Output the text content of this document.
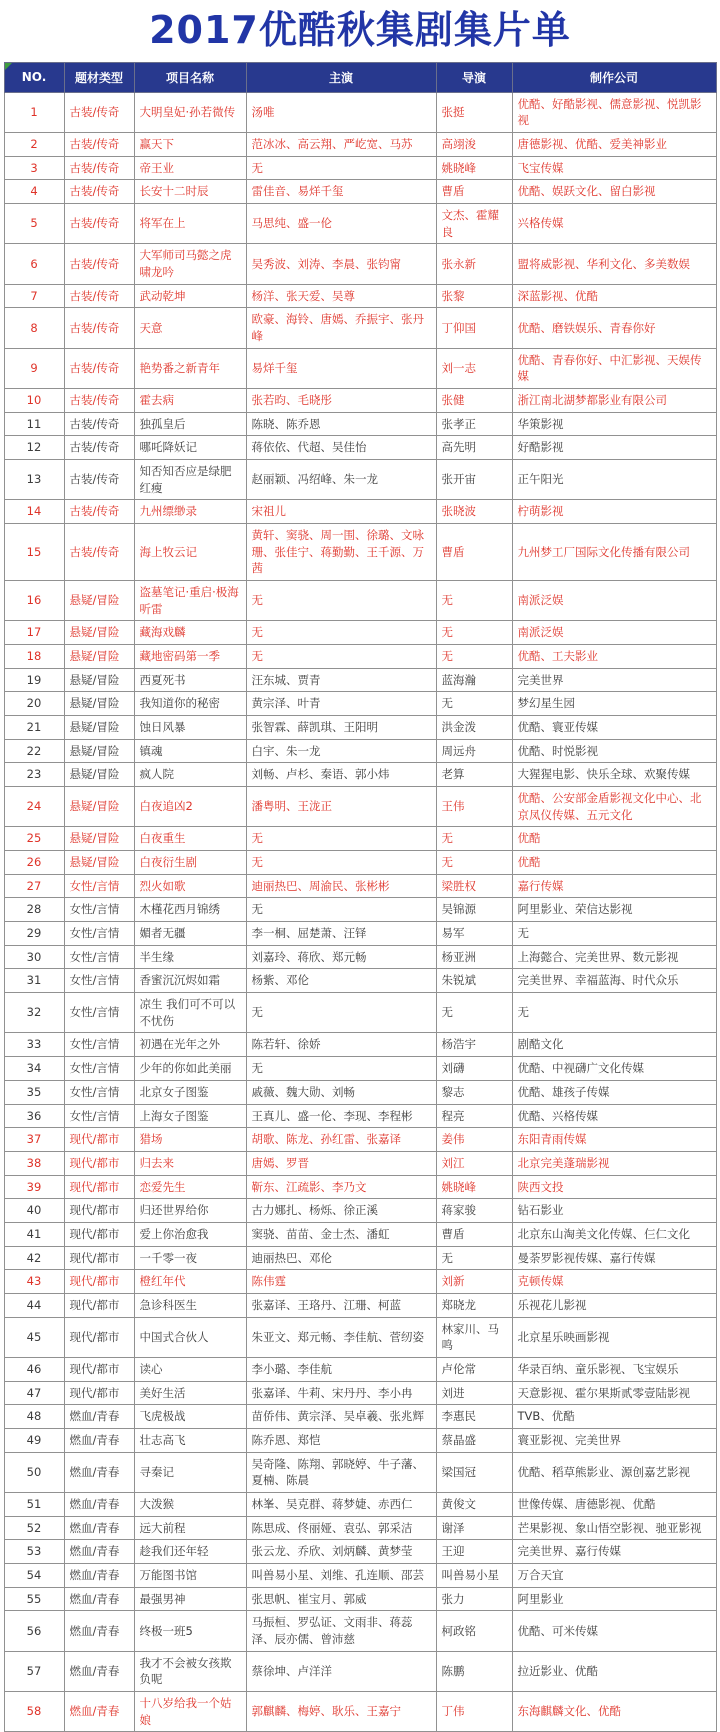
2017优酷秋集剧集片单
NO.	题材类型	项目名称	主演	导演	制作公司
1	古装/传奇	大明皇妃·孙若微传	汤唯	张挺	优酷、好酷影视、儒意影视、悦凯影视
2	古装/传奇	赢天下	范冰冰、高云翔、严屹宽、马苏	高翊浚	唐德影视、优酷、爱美神影业
3	古装/传奇	帝王业	无	姚晓峰	飞宝传媒
4	古装/传奇	长安十二时辰	雷佳音、易烊千玺	曹盾	优酷、娱跃文化、留白影视
5	古装/传奇	将军在上	马思纯、盛一伦	文杰、霍耀良	兴格传媒
6	古装/传奇	大军师司马懿之虎啸龙吟	吴秀波、刘涛、李晨、张钧甯	张永新	盟将威影视、华利文化、多美数娱
7	古装/传奇	武动乾坤	杨洋、张天爱、吴尊	张黎	深蓝影视、优酷
8	古装/传奇	天意	欧豪、海铃、唐嫣、乔振宇、张丹峰	丁仰国	优酷、磨铁娱乐、青春你好
9	古装/传奇	艳势番之新青年	易烊千玺	刘一志	优酷、青春你好、中汇影视、天娱传媒
10	古装/传奇	霍去病	张若昀、毛晓彤	张健	浙江南北湖梦都影业有限公司
11	古装/传奇	独孤皇后	陈晓、陈乔恩	张孝正	华策影视
12	古装/传奇	哪吒降妖记	蒋依依、代超、吴佳怡	高先明	好酷影视
13	古装/传奇	知否知否应是绿肥红瘦	赵丽颖、冯绍峰、朱一龙	张开宙	正午阳光
14	古装/传奇	九州缥缈录	宋祖儿	张晓波	柠萌影视
15	古装/传奇	海上牧云记	黄轩、窦骁、周一围、徐璐、文咏珊、张佳宁、蒋勤勤、王千源、万茜	曹盾	九州梦工厂国际文化传播有限公司
16	悬疑/冒险	盗墓笔记·重启·极海听雷	无	无	南派泛娱
17	悬疑/冒险	藏海戏麟	无	无	南派泛娱
18	悬疑/冒险	藏地密码第一季	无	无	优酷、工夫影业
19	悬疑/冒险	西夏死书	汪东城、贾青	蓝海瀚	完美世界
20	悬疑/冒险	我知道你的秘密	黄宗泽、叶青	无	梦幻星生园
21	悬疑/冒险	蚀日风暴	张智霖、薛凯琪、王阳明	洪金泼	优酷、寰亚传媒
22	悬疑/冒险	镇魂	白宇、朱一龙	周远舟	优酷、时悦影视
23	悬疑/冒险	疯人院	刘畅、卢杉、秦语、郭小炜	老算	大猩猩电影、快乐全球、欢聚传媒
24	悬疑/冒险	白夜追凶2	潘粤明、王泷正	王伟	优酷、公安部金盾影视文化中心、北京凤仪传媒、五元文化
25	悬疑/冒险	白夜重生	无	无	优酷
26	悬疑/冒险	白夜衍生剧	无	无	优酷
27	女性/言情	烈火如歌	迪丽热巴、周渝民、张彬彬	梁胜权	嘉行传媒
28	女性/言情	木槿花西月锦绣	无	吴锦源	阿里影业、荣信达影视
29	女性/言情	媚者无疆	李一桐、屈楚萧、汪铎	易军	无
30	女性/言情	半生缘	刘嘉玲、蒋欣、郑元畅	杨亚洲	上海懿合、完美世界、数元影视
31	女性/言情	香蜜沉沉烬如霜	杨紫、邓伦	朱锐斌	完美世界、幸福蓝海、时代众乐
32	女性/言情	凉生 我们可不可以不忧伤	无	无	无
33	女性/言情	初遇在光年之外	陈若轩、徐娇	杨浩宇	剧酷文化
34	女性/言情	少年的你如此美丽	无	刘礴	优酷、中视礴广文化传媒
35	女性/言情	北京女子图鉴	戚薇、魏大勋、刘畅	黎志	优酷、雄孩子传媒
36	女性/言情	上海女子图鉴	王真儿、盛一伦、李现、李程彬	程亮	优酷、兴格传媒
37	现代/都市	猎场	胡歌、陈龙、孙红雷、张嘉译	姜伟	东阳青雨传媒
38	现代/都市	归去来	唐嫣、罗晋	刘江	北京完美蓬瑞影视
39	现代/都市	恋爱先生	靳东、江疏影、李乃文	姚晓峰	陕西文投
40	现代/都市	归还世界给你	古力娜扎、杨烁、徐正溪	蒋家骏	钻石影业
41	现代/都市	爱上你治愈我	窦骁、苗苗、金士杰、潘虹	曹盾	北京东山淘美文化传媒、仨仁文化
42	现代/都市	一千零一夜	迪丽热巴、邓伦	无	曼荼罗影视传媒、嘉行传媒
43	现代/都市	橙红年代	陈伟霆	刘新	克顿传媒
44	现代/都市	急诊科医生	张嘉译、王珞丹、江珊、柯蓝	郑晓龙	乐视花儿影视
45	现代/都市	中国式合伙人	朱亚文、郑元畅、李佳航、菅纫姿	林家川、马鸣	北京星乐映画影视
46	现代/都市	读心	李小璐、李佳航	卢伦常	华录百纳、童乐影视、飞宝娱乐
47	现代/都市	美好生活	张嘉译、牛莉、宋丹丹、李小冉	刘进	天意影视、霍尔果斯贰零壹陆影视
48	燃血/青春	飞虎极战	苗侨伟、黄宗泽、吴卓羲、张兆辉	李惠民	TVB、优酷
49	燃血/青春	壮志高飞	陈乔恩、郑恺	蔡晶盛	寰亚影视、完美世界
50	燃血/青春	寻秦记	吴奇隆、陈翔、郭晓婷、牛子藩、夏楠、陈晨	梁国冠	优酷、稻草熊影业、源创嘉艺影视
51	燃血/青春	大泼猴	林峯、吴克群、蒋梦婕、赤西仁	黄俊文	世像传媒、唐德影视、优酷
52	燃血/青春	远大前程	陈思成、佟丽娅、袁弘、郭采洁	谢泽	芒果影视、象山悟空影视、驰亚影视
53	燃血/青春	趁我们还年轻	张云龙、乔欣、刘炳麟、黄梦莹	王迎	完美世界、嘉行传媒
54	燃血/青春	万能图书馆	叫兽易小星、刘维、孔连顺、邵芸	叫兽易小星	万合天宜
55	燃血/青春	最强男神	张思帆、崔宝月、郭威	张力	阿里影业
56	燃血/青春	终极一班5	马振桓、罗弘证、文雨非、蒋蕊泽、辰亦儒、曾沛慈	柯政铭	优酷、可米传媒
57	燃血/青春	我才不会被女孩欺负呢	蔡徐坤、卢洋洋	陈鹏	拉近影业、优酷
58	燃血/青春	十八岁给我一个姑娘	郭麒麟、梅婷、耿乐、王嘉宁	丁伟	东海麒麟文化、优酷
